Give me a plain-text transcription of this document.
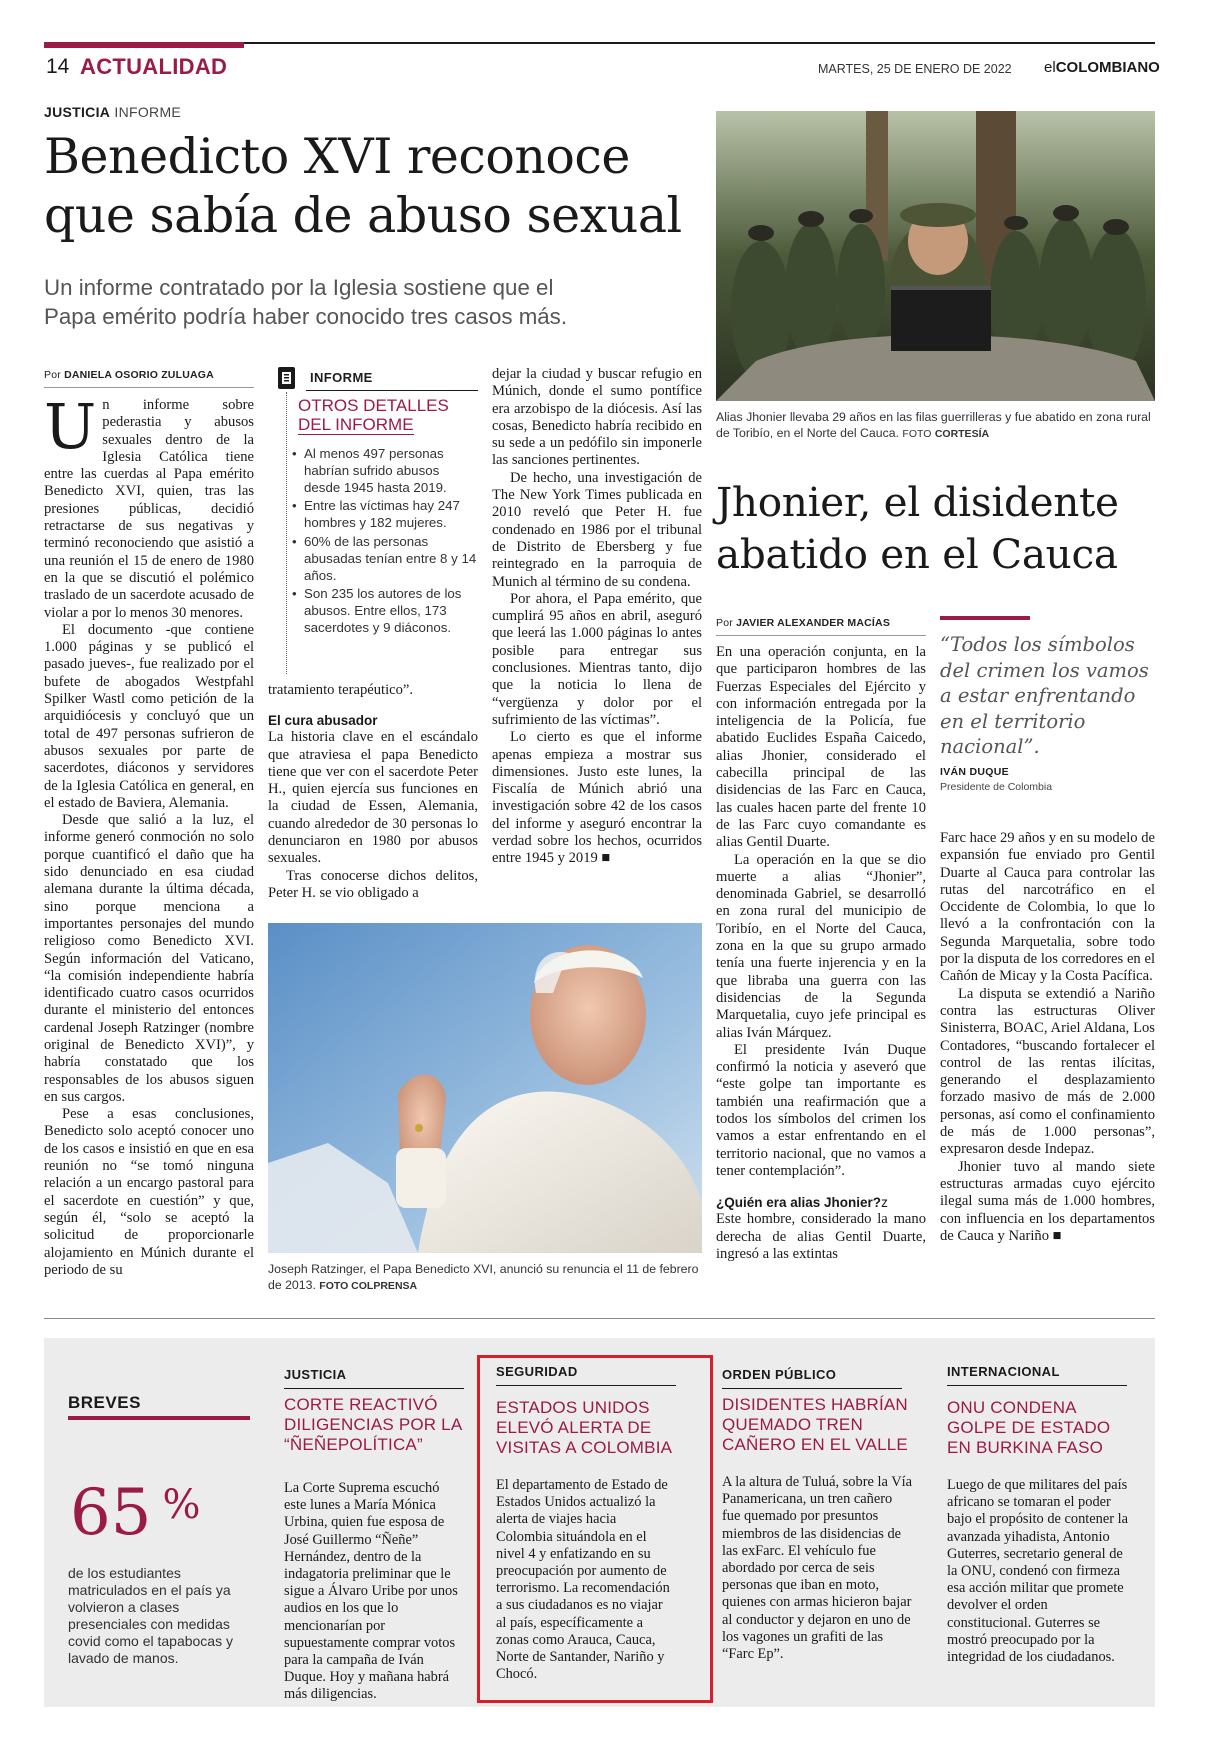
14 ACTUALIDAD	MARTES, 25 DE ENERO DE 2022 elCOLOMBIANO
JUSTICIA INFORME
Benedicto XVI reconoce
que sabía de abuso sexual
Un informe contratado por la Iglesia sostiene que el
Papa emérito podría haber conocido tres casos más.
Por DANIELA OSORIO ZULUAGA
U n informe sobre pederastia y abusos sexuales dentro de la Iglesia Católica tiene entre las cuerdas al Papa emérito Benedicto XVI, quien, tras las presiones públicas, decidió retractarse de sus negativas y terminó reconociendo que asistió a una reunión el 15 de enero de 1980 en la que se discutió el polémico traslado de un sacerdote acusado de violar a por lo menos 30 menores.

El documento -que contiene 1.000 páginas y se publicó el pasado jueves-, fue realizado por el bufete de abogados Westpfahl Spilker Wastl como petición de la arquidiócesis y concluyó que un total de 497 personas sufrieron de abusos sexuales por parte de sacerdotes, diáconos y servidores de la Iglesia Católica en general, en el estado de Baviera, Alemania.

Desde que salió a la luz, el informe generó conmoción no solo porque cuantificó el daño que ha sido denunciado en esa ciudad alemana durante la última década, sino porque menciona a importantes personajes del mundo religioso como Benedicto XVI. Según información del Vaticano, “la comisión independiente habría identificado cuatro casos ocurridos durante el ministerio del entonces cardenal Joseph Ratzinger (nombre original de Benedicto XVI)”, y habría constatado que los responsables de los abusos siguen en sus cargos.

Pese a esas conclusiones, Benedicto solo aceptó conocer uno de los casos e insistió en que en esa reunión no “se tomó ninguna relación a un encargo pastoral para el sacerdote en cuestión” y que, según él, “solo se aceptó la solicitud de proporcionarle alojamiento en Múnich durante el periodo de su

INFORME
OTROS DETALLES
DEL INFORME
• Al menos 497 personas habrían sufrido abusos desde 1945 hasta 2019.
• Entre las víctimas hay 247 hombres y 182 mujeres.
• 60% de las personas abusadas tenían entre 8 y 14 años.
• Son 235 los autores de los abusos. Entre ellos, 173 sacerdotes y 9 diáconos.

tratamiento terapéutico”.

El cura abusador

La historia clave en el escándalo que atraviesa el papa Benedicto tiene que ver con el sacerdote Peter H., quien ejercía sus funciones en la ciudad de Essen, Alemania, cuando alrededor de 30 personas lo denunciaron en 1980 por abusos sexuales.

Tras conocerse dichos delitos, Peter H. se vio obligado a

dejar la ciudad y buscar refugio en Múnich, donde el sumo pontífice era arzobispo de la diócesis. Así las cosas, Benedicto habría recibido en su sede a un pedófilo sin imponerle las sanciones pertinentes.

De hecho, una investigación de The New York Times publicada en 2010 reveló que Peter H. fue condenado en 1986 por el tribunal de Distrito de Ebersberg y fue reintegrado en la parroquia de Munich al término de su condena.

Por ahora, el Papa emérito, que cumplirá 95 años en abril, aseguró que leerá las 1.000 páginas lo antes posible para entregar sus conclusiones. Mientras tanto, dijo que la noticia lo llena de “vergüenza y dolor por el sufrimiento de las víctimas”.

Lo cierto es que el informe apenas empieza a mostrar sus dimensiones. Justo este lunes, la Fiscalía de Múnich abrió una investigación sobre 42 de los casos del informe y aseguró encontrar la verdad sobre los hechos, ocurridos entre 1945 y 2019 ■

Joseph Ratzinger, el Papa Benedicto XVI, anunció su renuncia el 11 de febrero de 2013. FOTO COLPRENSA
Alias Jhonier llevaba 29 años en las filas guerrilleras y fue abatido en zona rural de Toribío, en el Norte del Cauca. FOTO CORTESÍA
Jhonier, el disidente
abatido en el Cauca
Por JAVIER ALEXANDER MACÍAS

En una operación conjunta, en la que participaron hombres de las Fuerzas Especiales del Ejército y con información entregada por la inteligencia de la Policía, fue abatido Euclides España Caicedo, alias Jhonier, considerado el cabecilla principal de las disidencias de las Farc en Cauca, las cuales hacen parte del frente 10 de las Farc cuyo comandante es alias Gentil Duarte.

La operación en la que se dio muerte a alias “Jhonier”, denominada Gabriel, se desarrolló en zona rural del municipio de Toribío, en el Norte del Cauca, zona en la que su grupo armado tenía una fuerte injerencia y en la que libraba una guerra con las disidencias de la Segunda Marquetalia, cuyo jefe principal es alias Iván Márquez.

El presidente Iván Duque confirmó la noticia y aseveró que “este golpe tan importante es también una reafirmación que a todos los símbolos del crimen los vamos a estar enfrentando en el territorio nacional, que no vamos a tener contemplación”.

¿Quién era alias Jhonier?z

Este hombre, considerado la mano derecha de alias Gentil Duarte, ingresó a las extintas

“Todos los símbolos del crimen los vamos a estar enfrentando en el territorio nacional”.
IVÁN DUQUE
Presidente de Colombia

Farc hace 29 años y en su modelo de expansión fue enviado pro Gentil Duarte al Cauca para controlar las rutas del narcotráfico en el Occidente de Colombia, lo que lo llevó a la confrontación con la Segunda Marquetalia, sobre todo por la disputa de los corredores en el Cañón de Micay y la Costa Pacífica.

La disputa se extendió a Nariño contra las estructuras Oliver Sinisterra, BOAC, Ariel Aldana, Los Contadores, “buscando fortalecer el control de las rentas ilícitas, generando el desplazamiento forzado masivo de más de 2.000 personas, así como el confinamiento de más de 1.000 personas”, expresaron desde Indepaz.

Jhonier tuvo al mando siete estructuras armadas cuyo ejército ilegal suma más de 1.000 hombres, con influencia en los departamentos de Cauca y Nariño ■

BREVES
65 %
de los estudiantes matriculados en el país ya volvieron a clases presenciales con medidas covid como el tapabocas y lavado de manos.
JUSTICIA
CORTE REACTIVÓ DILIGENCIAS POR LA “ÑEÑEPOLÍTICA”
La Corte Suprema escuchó este lunes a María Mónica Urbina, quien fue esposa de José Guillermo “Ñeñe” Hernández, dentro de la indagatoria preliminar que le sigue a Álvaro Uribe por unos audios en los que lo mencionarían por supuestamente comprar votos para la campaña de Iván Duque. Hoy y mañana habrá más diligencias.
SEGURIDAD
ESTADOS UNIDOS ELEVÓ ALERTA DE VISITAS A COLOMBIA
El departamento de Estado de Estados Unidos actualizó la alerta de viajes hacia Colombia situándola en el nivel 4 y enfatizando en su preocupación por aumento de terrorismo. La recomendación a sus ciudadanos es no viajar al país, específicamente a zonas como Arauca, Cauca, Norte de Santander, Nariño y Chocó.
ORDEN PÚBLICO
DISIDENTES HABRÍAN QUEMADO TREN CAÑERO EN EL VALLE
A la altura de Tuluá, sobre la Vía Panamericana, un tren cañero fue quemado por presuntos miembros de las disidencias de las exFarc. El vehículo fue abordado por cerca de seis personas que iban en moto, quienes con armas hicieron bajar al conductor y dejaron en uno de los vagones un grafiti de las “Farc Ep”.
INTERNACIONAL
ONU CONDENA GOLPE DE ESTADO EN BURKINA FASO
Luego de que militares del país africano se tomaran el poder bajo el propósito de contener la avanzada yihadista, Antonio Guterres, secretario general de la ONU, condenó con firmeza esa acción militar que promete devolver el orden constitucional. Guterres se mostró preocupado por la integridad de los ciudadanos.
